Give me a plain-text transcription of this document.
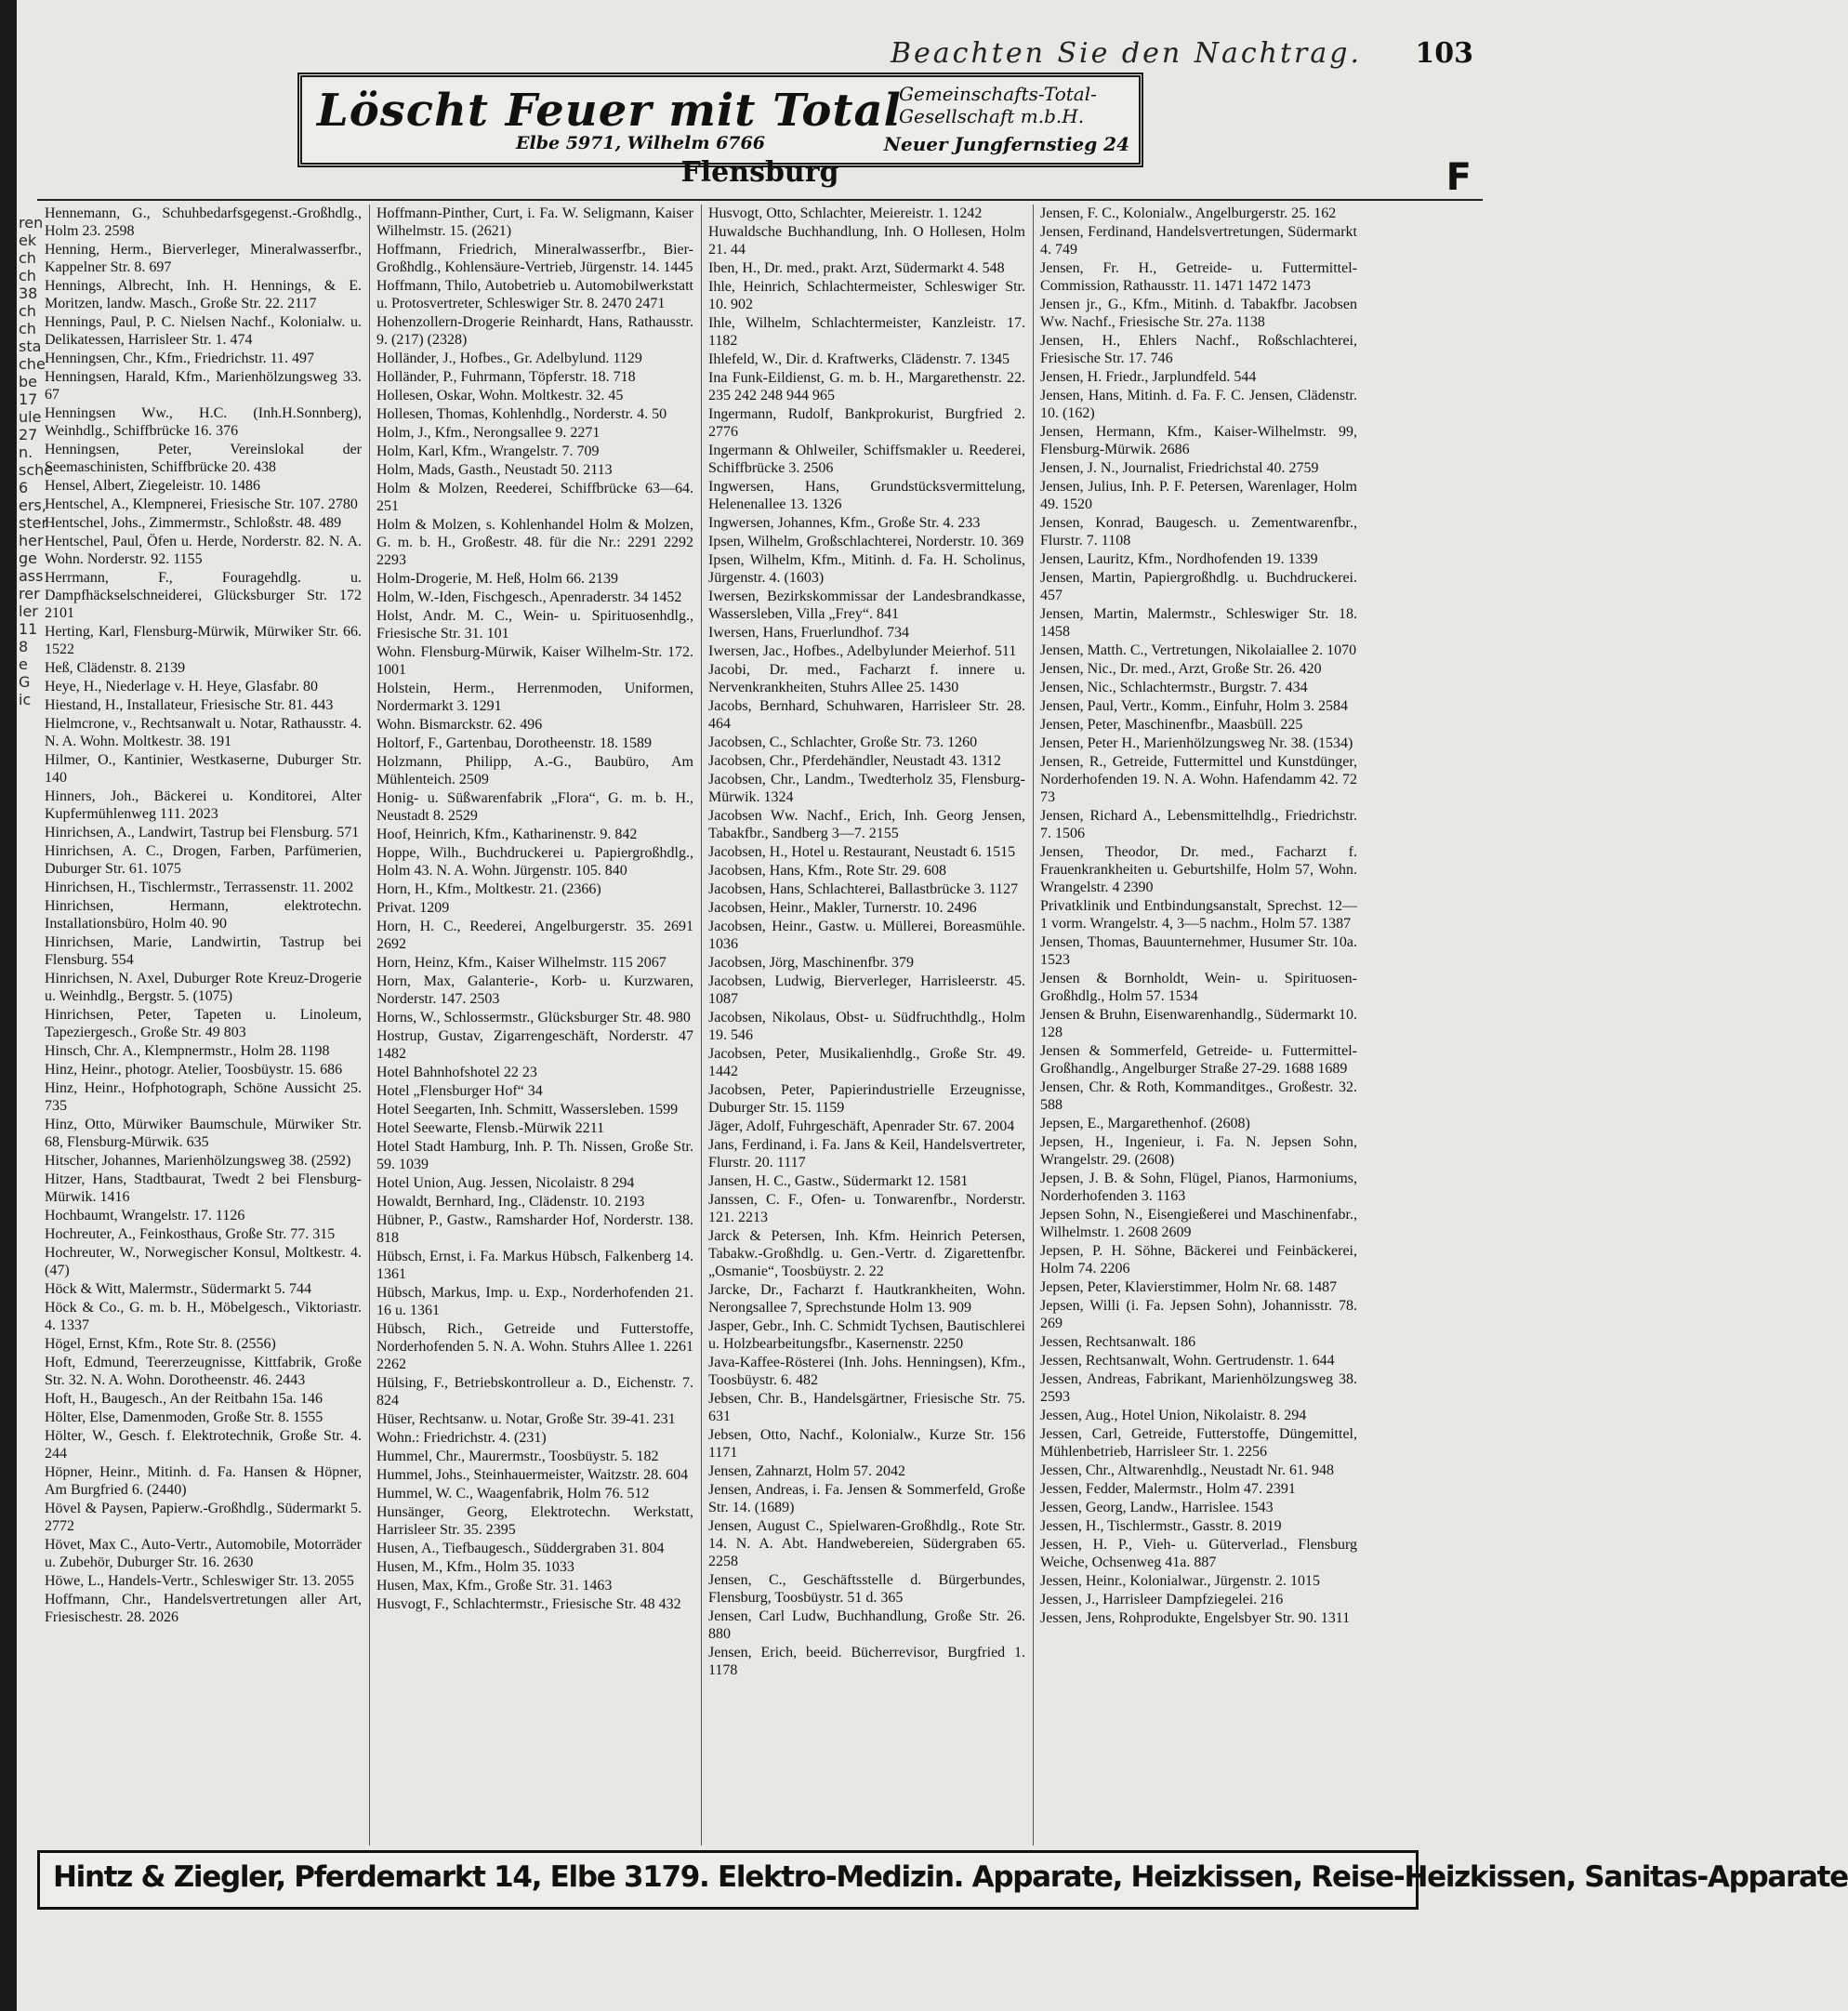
ren ek ch ch 38 ch ch sta che be 17 ule 27 n. sche 6 ers, ster her ge ass rer ler 11 8 e G ic
Beachten Sie den Nachtrag. 103
Löscht Feuer mit Total
Elbe 5971, Wilhelm 6766
Gemeinschafts-Total-Gesellschaft m.b.H.
Neuer Jungfernstieg 24
Flensburg	F
Hennemann, G., Schuhbedarfsgegenst.-Großhdlg., Holm 23. 2598
Henning, Herm., Bierverleger, Mineralwasserfbr., Kappelner Str. 8. 697
Hennings, Albrecht, Inh. H. Hennings, & E. Moritzen, landw. Masch., Große Str. 22. 2117
Hennings, Paul, P. C. Nielsen Nachf., Kolonialw. u. Delikatessen, Harrisleer Str. 1. 474
Henningsen, Chr., Kfm., Friedrichstr. 11. 497
Henningsen, Harald, Kfm., Marienhölzungsweg 33. 67
Henningsen Ww., H.C. (Inh.H.Sonnberg), Weinhdlg., Schiffbrücke 16. 376
Henningsen, Peter, Vereinslokal der Seemaschinisten, Schiffbrücke 20. 438
Hensel, Albert, Ziegeleistr. 10. 1486
Hentschel, A., Klempnerei, Friesische Str. 107. 2780
Hentschel, Johs., Zimmermstr., Schloßstr. 48. 489
Hentschel, Paul, Öfen u. Herde, Norderstr. 82. N. A. Wohn. Norderstr. 92. 1155
Herrmann, F., Fouragehdlg. u. Dampfhäckselschneiderei, Glücksburger Str. 172 2101
Herting, Karl, Flensburg-Mürwik, Mürwiker Str. 66. 1522
Heß, Clädenstr. 8. 2139
Heye, H., Niederlage v. H. Heye, Glasfabr. 80
Hiestand, H., Installateur, Friesische Str. 81. 443
Hielmcrone, v., Rechtsanwalt u. Notar, Rathausstr. 4. N. A. Wohn. Moltkestr. 38. 191
Hilmer, O., Kantinier, Westkaserne, Duburger Str. 140
Hinners, Joh., Bäckerei u. Konditorei, Alter Kupfermühlenweg 111. 2023
Hinrichsen, A., Landwirt, Tastrup bei Flensburg. 571
Hinrichsen, A. C., Drogen, Farben, Parfümerien, Duburger Str. 61. 1075
Hinrichsen, H., Tischlermstr., Terrassenstr. 11. 2002
Hinrichsen, Hermann, elektrotechn. Installationsbüro, Holm 40. 90
Hinrichsen, Marie, Landwirtin, Tastrup bei Flensburg. 554
Hinrichsen, N. Axel, Duburger Rote Kreuz-Drogerie u. Weinhdlg., Bergstr. 5. (1075)
Hinrichsen, Peter, Tapeten u. Linoleum, Tapeziergesch., Große Str. 49 803
Hinsch, Chr. A., Klempnermstr., Holm 28. 1198
Hinz, Heinr., photogr. Atelier, Toosbüystr. 15. 686
Hinz, Heinr., Hofphotograph, Schöne Aussicht 25. 735
Hinz, Otto, Mürwiker Baumschule, Mürwiker Str. 68, Flensburg-Mürwik. 635
Hitscher, Johannes, Marienhölzungsweg 38. (2592)
Hitzer, Hans, Stadtbaurat, Twedt 2 bei Flensburg-Mürwik. 1416
Hochbaumt, Wrangelstr. 17. 1126
Hochreuter, A., Feinkosthaus, Große Str. 77. 315
Hochreuter, W., Norwegischer Konsul, Moltkestr. 4. (47)
Höck & Witt, Malermstr., Südermarkt 5. 744
Höck & Co., G. m. b. H., Möbelgesch., Viktoriastr. 4. 1337
Högel, Ernst, Kfm., Rote Str. 8. (2556)
Hoft, Edmund, Teererzeugnisse, Kittfabrik, Große Str. 32. N. A. Wohn. Dorotheenstr. 46. 2443
Hoft, H., Baugesch., An der Reitbahn 15a. 146
Hölter, Else, Damenmoden, Große Str. 8. 1555
Hölter, W., Gesch. f. Elektrotechnik, Große Str. 4. 244
Höpner, Heinr., Mitinh. d. Fa. Hansen & Höpner, Am Burgfried 6. (2440)
Hövel & Paysen, Papierw.-Großhdlg., Südermarkt 5. 2772
Hövet, Max C., Auto-Vertr., Automobile, Motorräder u. Zubehör, Duburger Str. 16. 2630
Höwe, L., Handels-Vertr., Schleswiger Str. 13. 2055
Hoffmann, Chr., Handelsvertretungen aller Art, Friesischestr. 28. 2026
Hoffmann-Pinther, Curt, i. Fa. W. Seligmann, Kaiser Wilhelmstr. 15. (2621)
Hoffmann, Friedrich, Mineralwasserfbr., Bier-Großhdlg., Kohlensäure-Vertrieb, Jürgenstr. 14. 1445
Hoffmann, Thilo, Autobetrieb u. Automobilwerkstatt u. Protosvertreter, Schleswiger Str. 8. 2470 2471
Hohenzollern-Drogerie Reinhardt, Hans, Rathausstr. 9. (217) (2328)
Holländer, J., Hofbes., Gr. Adelbylund. 1129
Holländer, P., Fuhrmann, Töpferstr. 18. 718
Hollesen, Oskar, Wohn. Moltkestr. 32. 45
Hollesen, Thomas, Kohlenhdlg., Norderstr. 4. 50
Holm, J., Kfm., Nerongsallee 9. 2271
Holm, Karl, Kfm., Wrangelstr. 7. 709
Holm, Mads, Gasth., Neustadt 50. 2113
Holm & Molzen, Reederei, Schiffbrücke 63—64. 251
Holm & Molzen, s. Kohlenhandel Holm & Molzen, G. m. b. H., Großestr. 48. für die Nr.: 2291 2292 2293
Holm-Drogerie, M. Heß, Holm 66. 2139
Holm, W.-Iden, Fischgesch., Apenraderstr. 34 1452
Holst, Andr. M. C., Wein- u. Spirituosenhdlg., Friesische Str. 31. 101
Wohn. Flensburg-Mürwik, Kaiser Wilhelm-Str. 172. 1001
Holstein, Herm., Herrenmoden, Uniformen, Nordermarkt 3. 1291
Wohn. Bismarckstr. 62. 496
Holtorf, F., Gartenbau, Dorotheenstr. 18. 1589
Holzmann, Philipp, A.-G., Baubüro, Am Mühlenteich. 2509
Honig- u. Süßwarenfabrik „Flora“, G. m. b. H., Neustadt 8. 2529
Hoof, Heinrich, Kfm., Katharinenstr. 9. 842
Hoppe, Wilh., Buchdruckerei u. Papiergroßhdlg., Holm 43. N. A. Wohn. Jürgenstr. 105. 840
Horn, H., Kfm., Moltkestr. 21. (2366)
Privat. 1209
Horn, H. C., Reederei, Angelburgerstr. 35. 2691 2692
Horn, Heinz, Kfm., Kaiser Wilhelmstr. 115 2067
Horn, Max, Galanterie-, Korb- u. Kurzwaren, Norderstr. 147. 2503
Horns, W., Schlossermstr., Glücksburger Str. 48. 980
Hostrup, Gustav, Zigarrengeschäft, Norderstr. 47 1482
Hotel Bahnhofshotel 22 23
Hotel „Flensburger Hof“ 34
Hotel Seegarten, Inh. Schmitt, Wassersleben. 1599
Hotel Seewarte, Flensb.-Mürwik 2211
Hotel Stadt Hamburg, Inh. P. Th. Nissen, Große Str. 59. 1039
Hotel Union, Aug. Jessen, Nicolaistr. 8 294
Howaldt, Bernhard, Ing., Clädenstr. 10. 2193
Hübner, P., Gastw., Ramsharder Hof, Norderstr. 138. 818
Hübsch, Ernst, i. Fa. Markus Hübsch, Falkenberg 14. 1361
Hübsch, Markus, Imp. u. Exp., Norderhofenden 21. 16 u. 1361
Hübsch, Rich., Getreide und Futterstoffe, Norderhofenden 5. N. A. Wohn. Stuhrs Allee 1. 2261 2262
Hülsing, F., Betriebskontrolleur a. D., Eichenstr. 7. 824
Hüser, Rechtsanw. u. Notar, Große Str. 39-41. 231
Wohn.: Friedrichstr. 4. (231)
Hummel, Chr., Maurermstr., Toosbüystr. 5. 182
Hummel, Johs., Steinhauermeister, Waitzstr. 28. 604
Hummel, W. C., Waagenfabrik, Holm 76. 512
Hunsänger, Georg, Elektrotechn. Werkstatt, Harrisleer Str. 35. 2395
Husen, A., Tiefbaugesch., Süddergraben 31. 804
Husen, M., Kfm., Holm 35. 1033
Husen, Max, Kfm., Große Str. 31. 1463
Husvogt, F., Schlachtermstr., Friesische Str. 48 432
Husvogt, Otto, Schlachter, Meiereistr. 1. 1242
Huwaldsche Buchhandlung, Inh. O Hollesen, Holm 21. 44
Iben, H., Dr. med., prakt. Arzt, Südermarkt 4. 548
Ihle, Heinrich, Schlachtermeister, Schleswiger Str. 10. 902
Ihle, Wilhelm, Schlachtermeister, Kanzleistr. 17. 1182
Ihlefeld, W., Dir. d. Kraftwerks, Clädenstr. 7. 1345
Ina Funk-Eildienst, G. m. b. H., Margarethenstr. 22. 235 242 248 944 965
Ingermann, Rudolf, Bankprokurist, Burgfried 2. 2776
Ingermann & Ohlweiler, Schiffsmakler u. Reederei, Schiffbrücke 3. 2506
Ingwersen, Hans, Grundstücksvermittelung, Helenenallee 13. 1326
Ingwersen, Johannes, Kfm., Große Str. 4. 233
Ipsen, Wilhelm, Großschlachterei, Norderstr. 10. 369
Ipsen, Wilhelm, Kfm., Mitinh. d. Fa. H. Scholinus, Jürgenstr. 4. (1603)
Iwersen, Bezirkskommissar der Landesbrandkasse, Wassersleben, Villa „Frey“. 841
Iwersen, Hans, Fruerlundhof. 734
Iwersen, Jac., Hofbes., Adelbylunder Meierhof. 511
Jacobi, Dr. med., Facharzt f. innere u. Nervenkrankheiten, Stuhrs Allee 25. 1430
Jacobs, Bernhard, Schuhwaren, Harrisleer Str. 28. 464
Jacobsen, C., Schlachter, Große Str. 73. 1260
Jacobsen, Chr., Pferdehändler, Neustadt 43. 1312
Jacobsen, Chr., Landm., Twedterholz 35, Flensburg-Mürwik. 1324
Jacobsen Ww. Nachf., Erich, Inh. Georg Jensen, Tabakfbr., Sandberg 3—7. 2155
Jacobsen, H., Hotel u. Restaurant, Neustadt 6. 1515
Jacobsen, Hans, Kfm., Rote Str. 29. 608
Jacobsen, Hans, Schlachterei, Ballastbrücke 3. 1127
Jacobsen, Heinr., Makler, Turnerstr. 10. 2496
Jacobsen, Heinr., Gastw. u. Müllerei, Boreasmühle. 1036
Jacobsen, Jörg, Maschinenfbr. 379
Jacobsen, Ludwig, Bierverleger, Harrisleerstr. 45. 1087
Jacobsen, Nikolaus, Obst- u. Südfruchthdlg., Holm 19. 546
Jacobsen, Peter, Musikalienhdlg., Große Str. 49. 1442
Jacobsen, Peter, Papierindustrielle Erzeugnisse, Duburger Str. 15. 1159
Jäger, Adolf, Fuhrgeschäft, Apenrader Str. 67. 2004
Jans, Ferdinand, i. Fa. Jans & Keil, Handelsvertreter, Flurstr. 20. 1117
Jansen, H. C., Gastw., Südermarkt 12. 1581
Janssen, C. F., Ofen- u. Tonwarenfbr., Norderstr. 121. 2213
Jarck & Petersen, Inh. Kfm. Heinrich Petersen, Tabakw.-Großhdlg. u. Gen.-Vertr. d. Zigarettenfbr. „Osmanie“, Toosbüystr. 2. 22
Jarcke, Dr., Facharzt f. Hautkrankheiten, Wohn. Nerongsallee 7, Sprechstunde Holm 13. 909
Jasper, Gebr., Inh. C. Schmidt Tychsen, Bautischlerei u. Holzbearbeitungsfbr., Kasernenstr. 2250
Java-Kaffee-Rösterei (Inh. Johs. Henningsen), Kfm., Toosbüystr. 6. 482
Jebsen, Chr. B., Handelsgärtner, Friesische Str. 75. 631
Jebsen, Otto, Nachf., Kolonialw., Kurze Str. 156 1171
Jensen, Zahnarzt, Holm 57. 2042
Jensen, Andreas, i. Fa. Jensen & Sommerfeld, Große Str. 14. (1689)
Jensen, August C., Spielwaren-Großhdlg., Rote Str. 14. N. A. Abt. Handwebereien, Südergraben 65. 2258
Jensen, C., Geschäftsstelle d. Bürgerbundes, Flensburg, Toosbüystr. 51 d. 365
Jensen, Carl Ludw, Buchhandlung, Große Str. 26. 880
Jensen, Erich, beeid. Bücherrevisor, Burgfried 1. 1178
Jensen, F. C., Kolonialw., Angelburgerstr. 25. 162
Jensen, Ferdinand, Handelsvertretungen, Südermarkt 4. 749
Jensen, Fr. H., Getreide- u. Futtermittel-Commission, Rathausstr. 11. 1471 1472 1473
Jensen jr., G., Kfm., Mitinh. d. Tabakfbr. Jacobsen Ww. Nachf., Friesische Str. 27a. 1138
Jensen, H., Ehlers Nachf., Roßschlachterei, Friesische Str. 17. 746
Jensen, H. Friedr., Jarplundfeld. 544
Jensen, Hans, Mitinh. d. Fa. F. C. Jensen, Clädenstr. 10. (162)
Jensen, Hermann, Kfm., Kaiser-Wilhelmstr. 99, Flensburg-Mürwik. 2686
Jensen, J. N., Journalist, Friedrichstal 40. 2759
Jensen, Julius, Inh. P. F. Petersen, Warenlager, Holm 49. 1520
Jensen, Konrad, Baugesch. u. Zementwarenfbr., Flurstr. 7. 1108
Jensen, Lauritz, Kfm., Nordhofenden 19. 1339
Jensen, Martin, Papiergroßhdlg. u. Buchdruckerei. 457
Jensen, Martin, Malermstr., Schleswiger Str. 18. 1458
Jensen, Matth. C., Vertretungen, Nikolaiallee 2. 1070
Jensen, Nic., Dr. med., Arzt, Große Str. 26. 420
Jensen, Nic., Schlachtermstr., Burgstr. 7. 434
Jensen, Paul, Vertr., Komm., Einfuhr, Holm 3. 2584
Jensen, Peter, Maschinenfbr., Maasbüll. 225
Jensen, Peter H., Marienhölzungsweg Nr. 38. (1534)
Jensen, R., Getreide, Futtermittel und Kunstdünger, Norderhofenden 19. N. A. Wohn. Hafendamm 42. 72 73
Jensen, Richard A., Lebensmittelhdlg., Friedrichstr. 7. 1506
Jensen, Theodor, Dr. med., Facharzt f. Frauenkrankheiten u. Geburtshilfe, Holm 57, Wohn. Wrangelstr. 4 2390
Privatklinik und Entbindungsanstalt, Sprechst. 12—1 vorm. Wrangelstr. 4, 3—5 nachm., Holm 57. 1387
Jensen, Thomas, Bauunternehmer, Husumer Str. 10a. 1523
Jensen & Bornholdt, Wein- u. Spirituosen-Großhdlg., Holm 57. 1534
Jensen & Bruhn, Eisenwarenhandlg., Südermarkt 10. 128
Jensen & Sommerfeld, Getreide- u. Futtermittel-Großhandlg., Angelburger Straße 27-29. 1688 1689
Jensen, Chr. & Roth, Kommanditges., Großestr. 32. 588
Jepsen, E., Margarethenhof. (2608)
Jepsen, H., Ingenieur, i. Fa. N. Jepsen Sohn, Wrangelstr. 29. (2608)
Jepsen, J. B. & Sohn, Flügel, Pianos, Harmoniums, Norderhofenden 3. 1163
Jepsen Sohn, N., Eisengießerei und Maschinenfabr., Wilhelmstr. 1. 2608 2609
Jepsen, P. H. Söhne, Bäckerei und Feinbäckerei, Holm 74. 2206
Jepsen, Peter, Klavierstimmer, Holm Nr. 68. 1487
Jepsen, Willi (i. Fa. Jepsen Sohn), Johannisstr. 78. 269
Jessen, Rechtsanwalt. 186
Jessen, Rechtsanwalt, Wohn. Gertrudenstr. 1. 644
Jessen, Andreas, Fabrikant, Marienhölzungsweg 38. 2593
Jessen, Aug., Hotel Union, Nikolaistr. 8. 294
Jessen, Carl, Getreide, Futterstoffe, Düngemittel, Mühlenbetrieb, Harrisleer Str. 1. 2256
Jessen, Chr., Altwarenhdlg., Neustadt Nr. 61. 948
Jessen, Fedder, Malermstr., Holm 47. 2391
Jessen, Georg, Landw., Harrislee. 1543
Jessen, H., Tischlermstr., Gasstr. 8. 2019
Jessen, H. P., Vieh- u. Güterverlad., Flensburg Weiche, Ochsenweg 41a. 887
Jessen, Heinr., Kolonialwar., Jürgenstr. 2. 1015
Jessen, J., Harrisleer Dampfziegelei. 216
Jessen, Jens, Rohprodukte, Engelsbyer Str. 90. 1311
Hintz & Ziegler, Pferdemarkt 14, Elbe 3179. Elektro-Medizin. Apparate, Heizkissen, Reise-Heizkissen, Sanitas-Apparate
